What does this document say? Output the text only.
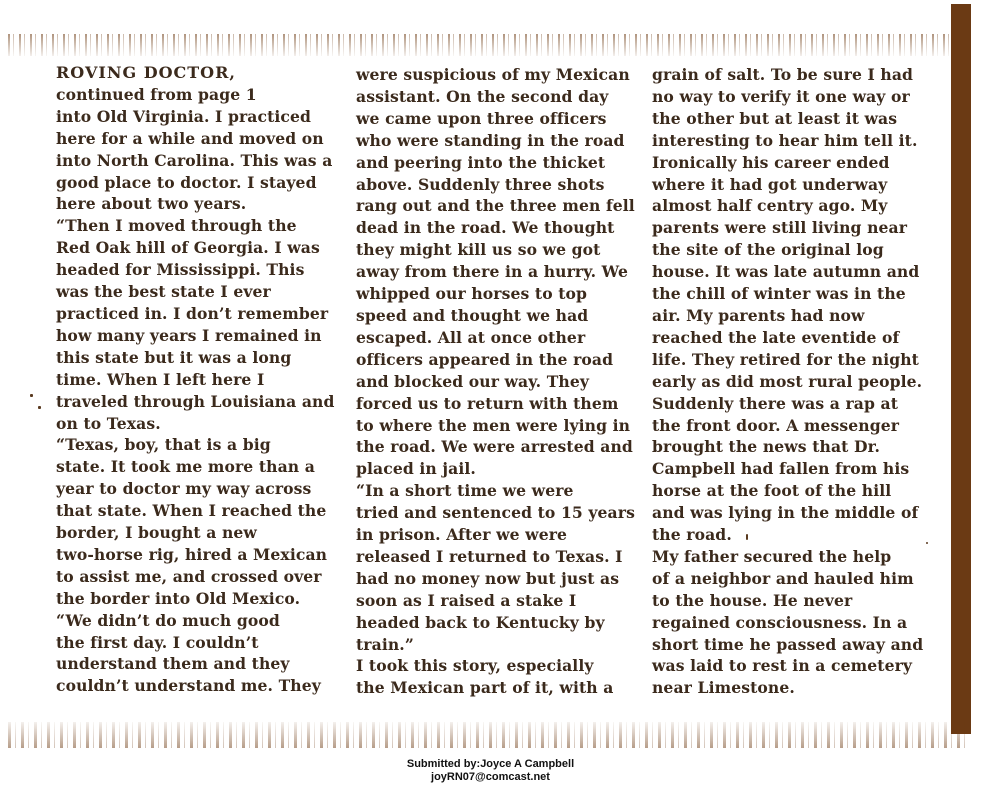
ROVING DOCTOR,
continued from page 1
into Old Virginia. I practiced
here for a while and moved on
into North Carolina. This was a
good place to doctor. I stayed
here about two years.
“Then I moved through the
Red Oak hill of Georgia. I was
headed for Mississippi. This
was the best state I ever
practiced in. I don’t remember
how many years I remained in
this state but it was a long
time. When I left here I
traveled through Louisiana and
on to Texas.
“Texas, boy, that is a big
state. It took me more than a
year to doctor my way across
that state. When I reached the
border, I bought a new
two-horse rig, hired a Mexican
to assist me, and crossed over
the border into Old Mexico.
“We didn’t do much good
the first day. I couldn’t
understand them and they
couldn’t understand me. They
were suspicious of my Mexican
assistant. On the second day
we came upon three officers
who were standing in the road
and peering into the thicket
above. Suddenly three shots
rang out and the three men fell
dead in the road. We thought
they might kill us so we got
away from there in a hurry. We
whipped our horses to top
speed and thought we had
escaped. All at once other
officers appeared in the road
and blocked our way. They
forced us to return with them
to where the men were lying in
the road. We were arrested and
placed in jail.
“In a short time we were
tried and sentenced to 15 years
in prison. After we were
released I returned to Texas. I
had no money now but just as
soon as I raised a stake I
headed back to Kentucky by
train.”
I took this story, especially
the Mexican part of it, with a
grain of salt. To be sure I had
no way to verify it one way or
the other but at least it was
interesting to hear him tell it.
Ironically his career ended
where it had got underway
almost half centry ago. My
parents were still living near
the site of the original log
house. It was late autumn and
the chill of winter was in the
air. My parents had now
reached the late eventide of
life. They retired for the night
early as did most rural people.
Suddenly there was a rap at
the front door. A messenger
brought the news that Dr.
Campbell had fallen from his
horse at the foot of the hill
and was lying in the middle of
the road.
My father secured the help
of a neighbor and hauled him
to the house. He never
regained consciousness. In a
short time he passed away and
was laid to rest in a cemetery
near Limestone.
Submitted by:Joyce A Campbell
joyRN07@comcast.net
